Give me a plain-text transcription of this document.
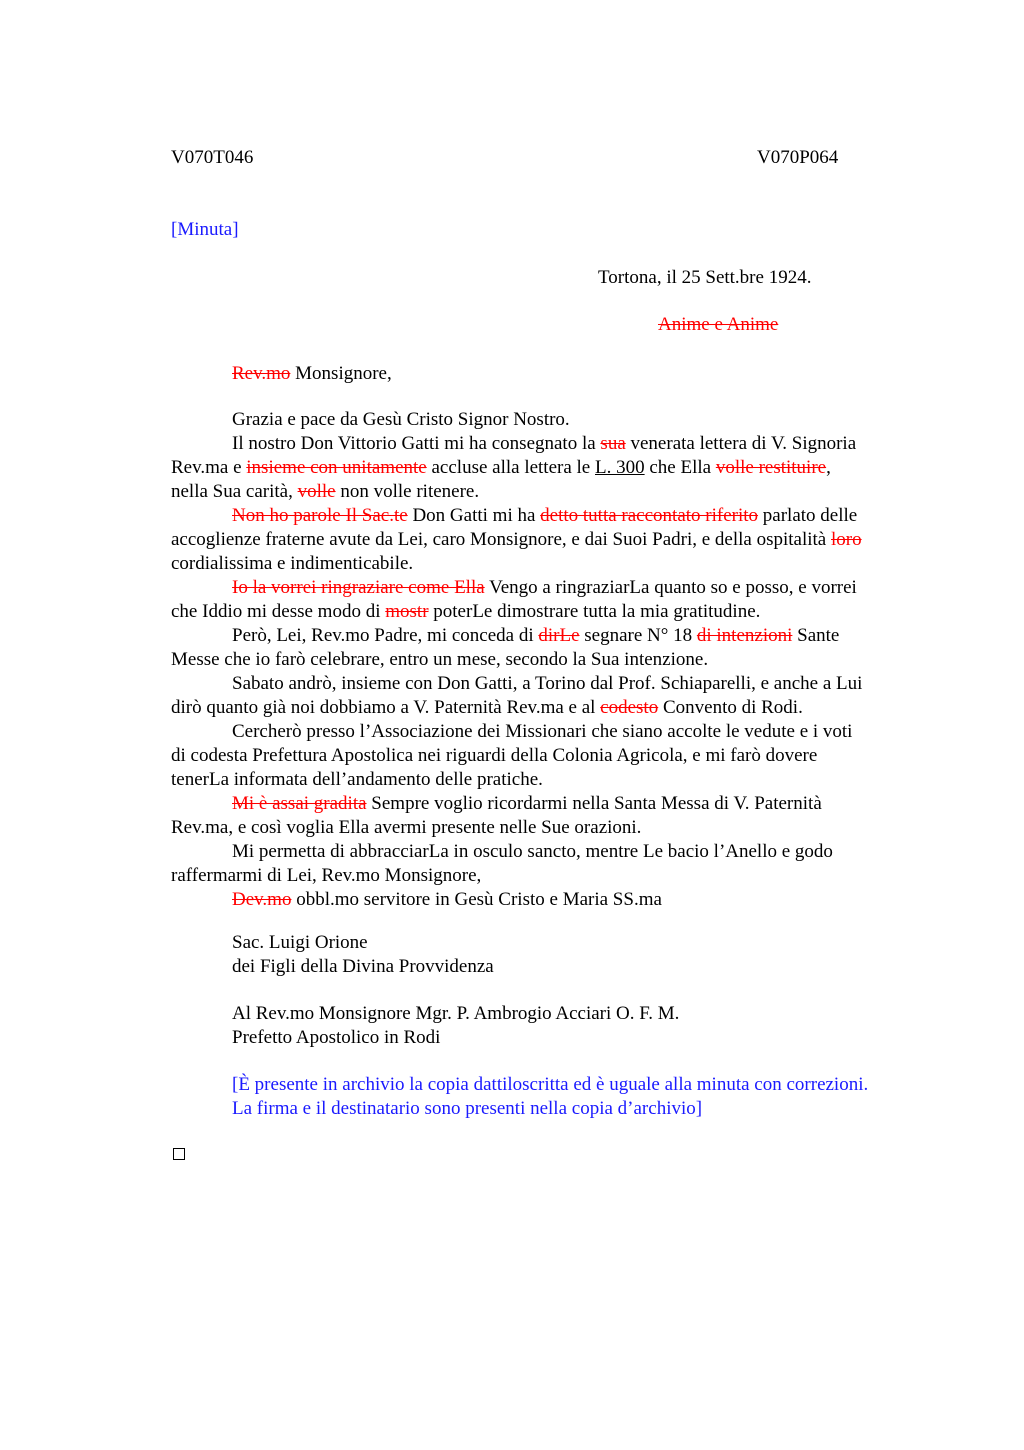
V070T046	V070P064
[Minuta]
Tortona, il 25 Sett.bre 1924.
Anime e Anime
Rev.mo Monsignore,

Grazia e pace da Gesù Cristo Signor Nostro.

Il nostro Don Vittorio Gatti mi ha consegnato la sua venerata lettera di V. Signoria

Rev.ma e insieme con unitamente accluse alla lettera le L. 300 che Ella volle restituire,

nella Sua carità, volle non volle ritenere.

Non ho parole Il Sac.te Don Gatti mi ha detto tutta raccontato riferito parlato delle

accoglienze fraterne avute da Lei, caro Monsignore, e dai Suoi Padri, e della ospitalità loro

cordialissima e indimenticabile.

Io la vorrei ringraziare come Ella Vengo a ringraziarLa quanto so e posso, e vorrei

che Iddio mi desse modo di mostr poterLe dimostrare tutta la mia gratitudine.

Però, Lei, Rev.mo Padre, mi conceda di dirLe segnare N° 18 di intenzioni Sante

Messe che io farò celebrare, entro un mese, secondo la Sua intenzione.

Sabato andrò, insieme con Don Gatti, a Torino dal Prof. Schiaparelli, e anche a Lui

dirò quanto già noi dobbiamo a V. Paternità Rev.ma e al codesto Convento di Rodi.

Cercherò presso l’Associazione dei Missionari che siano accolte le vedute e i voti

di codesta Prefettura Apostolica nei riguardi della Colonia Agricola, e mi farò dovere

tenerLa informata dell’andamento delle pratiche.

Mi è assai gradita Sempre voglio ricordarmi nella Santa Messa di V. Paternità

Rev.ma, e così voglia Ella avermi presente nelle Sue orazioni.

Mi permetta di abbracciarLa in osculo sancto, mentre Le bacio l’Anello e godo

raffermarmi di Lei, Rev.mo Monsignore,

Dev.mo obbl.mo servitore in Gesù Cristo e Maria SS.ma

Sac. Luigi Orione
dei Figli della Divina Provvidenza
Al Rev.mo Monsignore Mgr. P. Ambrogio Acciari O. F. M.
Prefetto Apostolico in Rodi
[È presente in archivio la copia dattiloscritta ed è uguale alla minuta con correzioni.
La firma e il destinatario sono presenti nella copia d’archivio]
